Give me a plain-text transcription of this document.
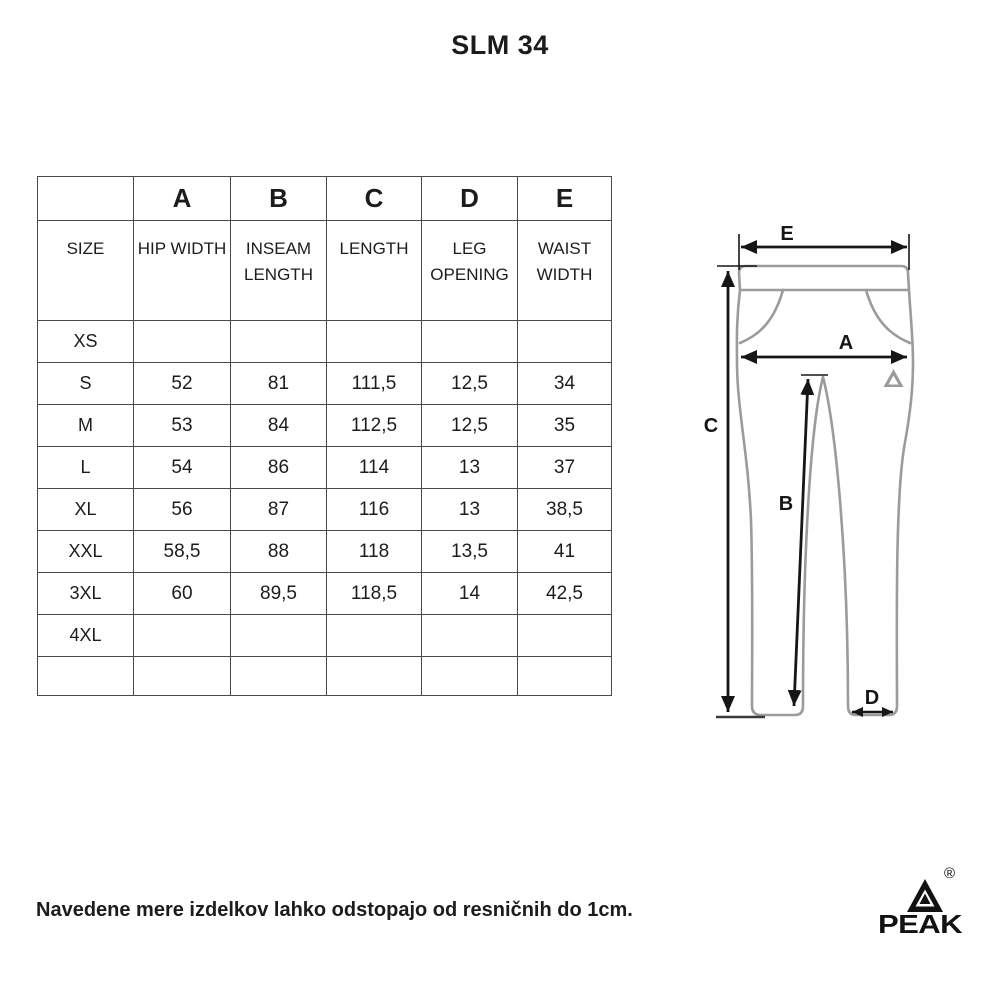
SLM 34
	A	B	C	D	E
SIZE	HIP WIDTH	INSEAM LENGTH	LENGTH	LEG OPENING	WAIST WIDTH
XS					
S	52	81	111,5	12,5	34
M	53	84	112,5	12,5	35
L	54	86	114	13	37
XL	56	87	116	13	38,5
XXL	58,5	88	118	13,5	41
3XL	60	89,5	118,5	14	42,5
4XL					

E
A
C
B
D
Navedene mere izdelkov lahko odstopajo od resničnih do 1cm.
®
PEAK
